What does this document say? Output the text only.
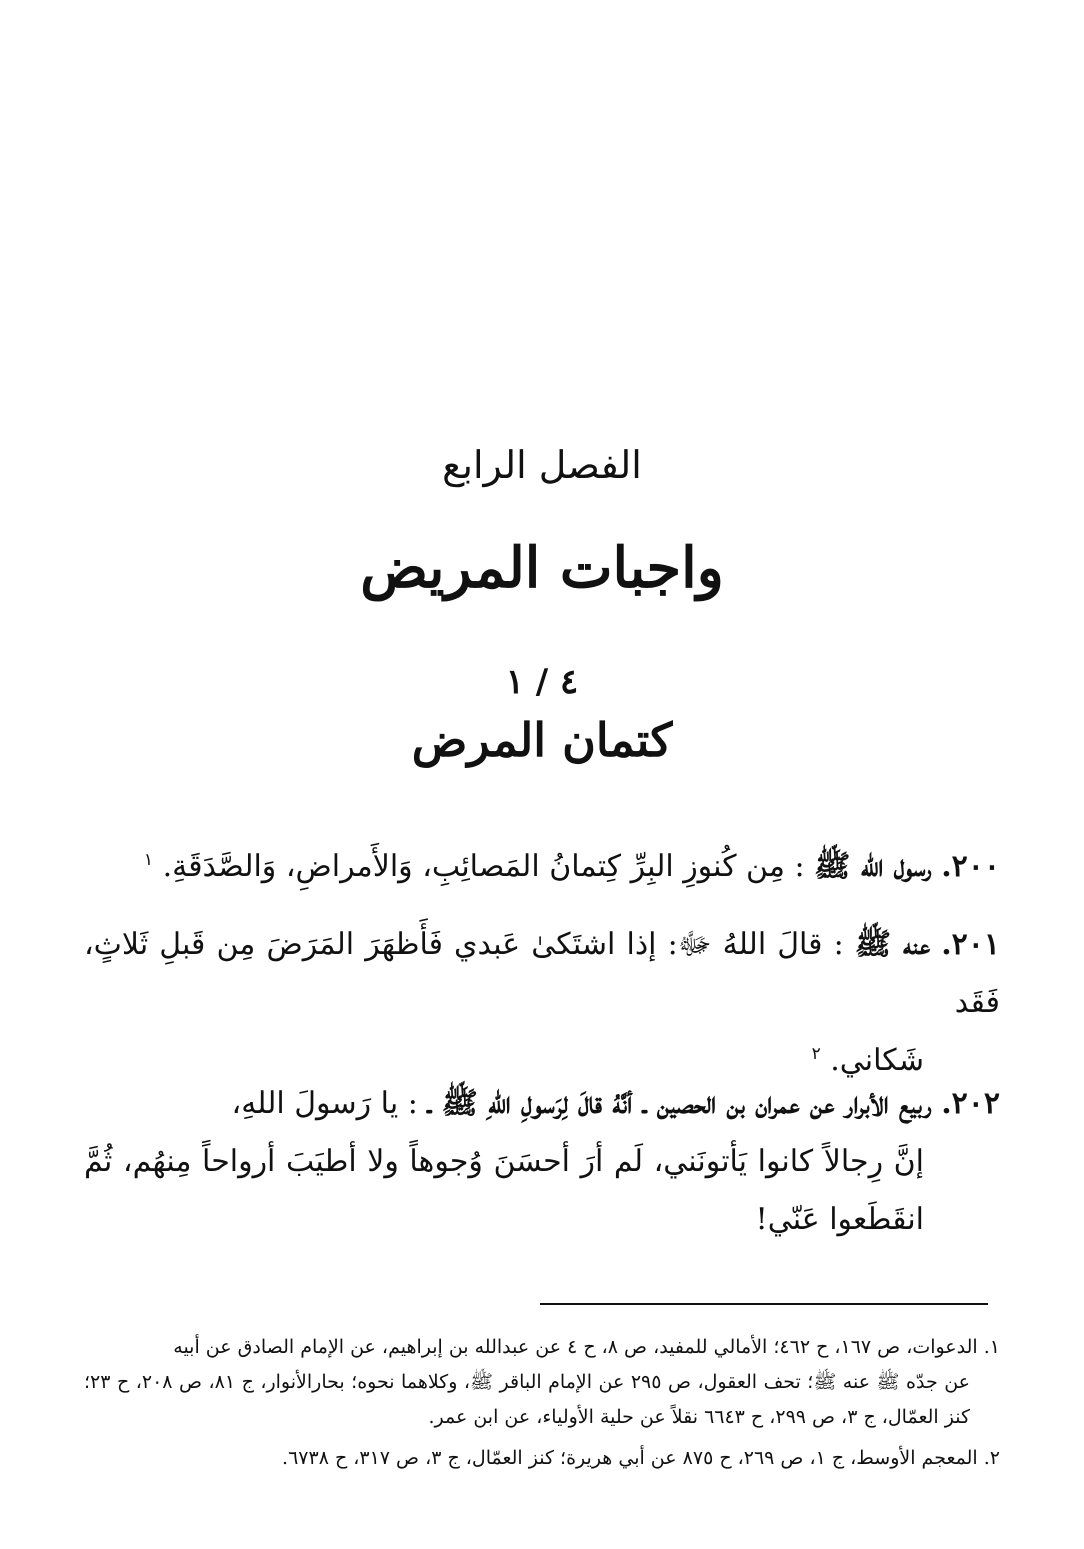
الفصل الرابع
واجبات المريض
٤ / ١
كتمان المرض
٢٠٠. رسول الله ﷺ : مِن كُنوزِ البِرِّ كِتمانُ المَصائِبِ، وَالأَمراضِ، وَالصَّدَقَةِ. $^١$
٢٠١. عنه ﷺ : قالَ اللهُ ﷻ: إذا اشتَكىٰ عَبدي فَأَظهَرَ المَرَضَ مِن قَبلِ ثَلاثٍ، فَقَد
شَكاني. $^٢$
٢٠٢. ربيع الأبرار عن عمران بن الحصين ـ أنَّهُ قالَ لِرَسولِ اللهِ ﷺ ـ : يا رَسولَ اللهِ،
إنَّ رِجالاً كانوا يَأتونَني، لَم أرَ أحسَنَ وُجوهاً ولا أطيَبَ أرواحاً مِنهُم، ثُمَّ انقَطَعوا عَنّي!
١. الدعوات، ص ١٦٧، ح ٤٦٢؛ الأمالي للمفيد، ص ٨، ح ٤ عن عبدالله بن إبراهيم، عن الإمام الصادق عن أبيه
عن جدّه ﷺ عنه ﷺ؛ تحف العقول، ص ٢٩٥ عن الإمام الباقر ﷺ، وكلاهما نحوه؛ بحارالأنوار، ج ٨١، ص ٢٠٨، ح ٢٣؛ كنز العمّال، ج ٣، ص ٢٩٩، ح ٦٦٤٣ نقلاً عن حلية الأولياء، عن ابن عمر.
٢. المعجم الأوسط، ج ١، ص ٢٦٩، ح ٨٧٥ عن أبي هريرة؛ كنز العمّال، ج ٣، ص ٣١٧، ح ٦٧٣٨.
